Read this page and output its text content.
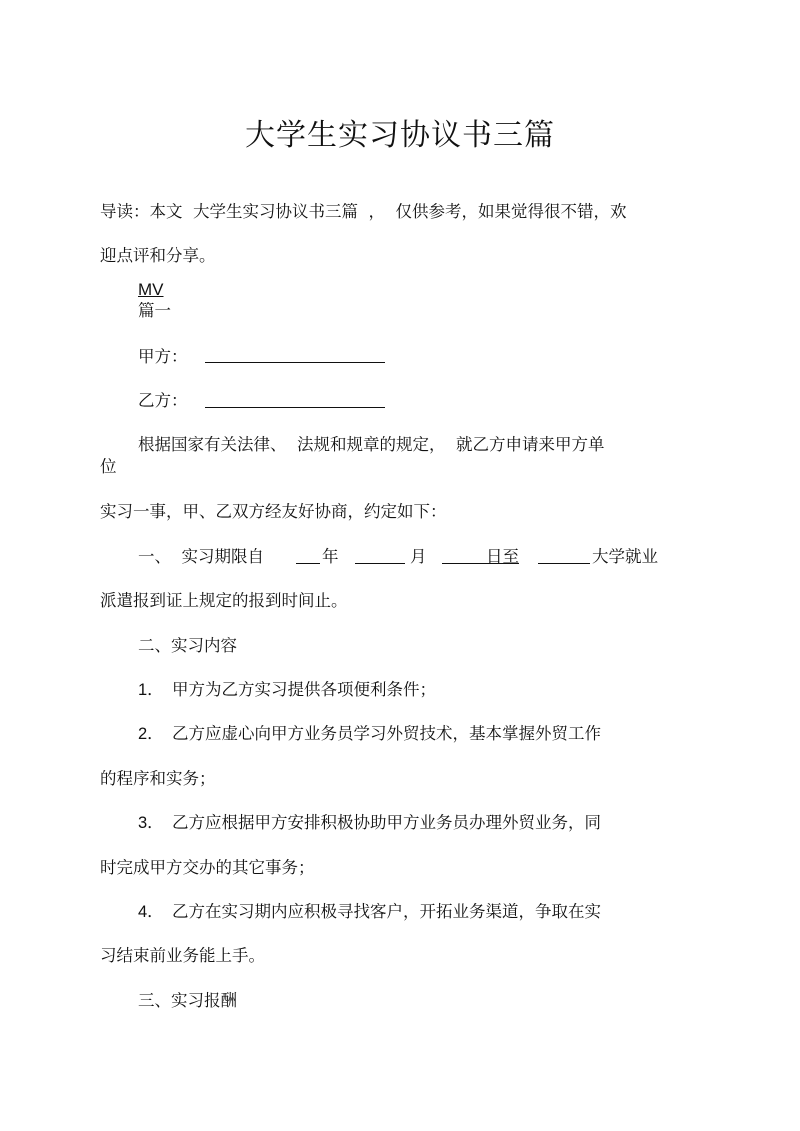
大学生实习协议书三篇
导读：本文  大学生实习协议书三篇  ，  仅供参考，如果觉得很不错，欢
迎点评和分享。
MV
篇一
甲方：
乙方：
根据国家有关法律、  法规和规章的规定，  就乙方申请来甲方单
位
实习一事，甲、乙双方经友好协商，约定如下：
一、  实习期限自	年	月	日至	大学就业
派遣报到证上规定的报到时间止。
二、实习内容
1． 甲方为乙方实习提供各项便利条件；
2． 乙方应虚心向甲方业务员学习外贸技术，基本掌握外贸工作
的程序和实务；
3． 乙方应根据甲方安排积极协助甲方业务员办理外贸业务，同
时完成甲方交办的其它事务；
4． 乙方在实习期内应积极寻找客户，开拓业务渠道，争取在实
习结束前业务能上手。
三、实习报酬
